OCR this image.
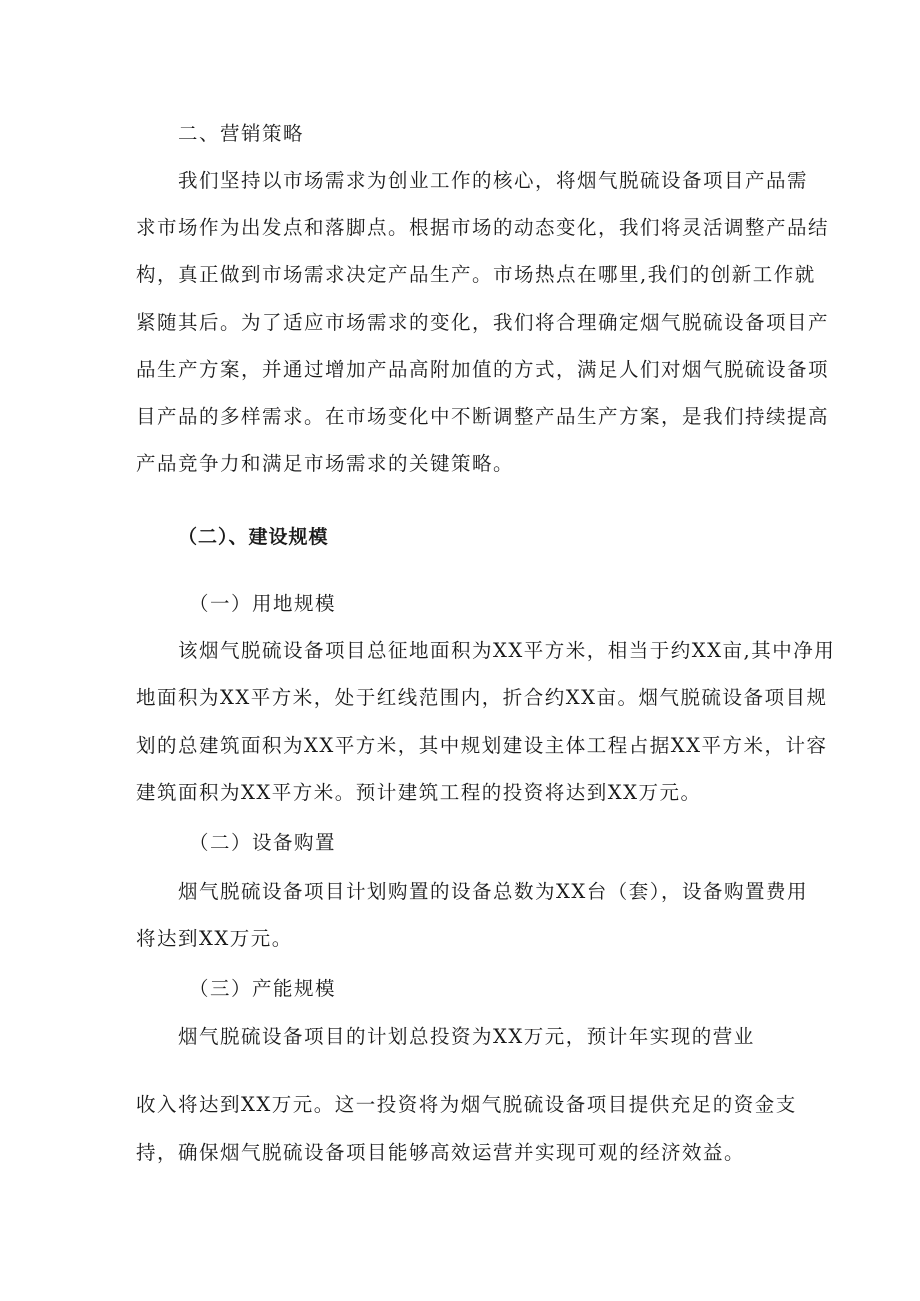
二、营销策略
我们坚持以市场需求为创业工作的核心，将烟气脱硫设备项目产品需
求市场作为出发点和落脚点。根据市场的动态变化，我们将灵活调整产品结
构，真正做到市场需求决定产品生产。市场热点在哪里,我们的创新工作就
紧随其后。为了适应市场需求的变化，我们将合理确定烟气脱硫设备项目产
品生产方案，并通过增加产品高附加值的方式，满足人们对烟气脱硫设备项
目产品的多样需求。在市场变化中不断调整产品生产方案，是我们持续提高
产品竞争力和满足市场需求的关键策略。
（二）、建设规模
（一）用地规模
该烟气脱硫设备项目总征地面积为XX平方米，相当于约XX亩,其中净用
地面积为XX平方米，处于红线范围内，折合约XX亩。烟气脱硫设备项目规
划的总建筑面积为XX平方米，其中规划建设主体工程占据XX平方米，计容
建筑面积为XX平方米。预计建筑工程的投资将达到XX万元。
（二）设备购置
烟气脱硫设备项目计划购置的设备总数为XX台（套），设备购置费用
将达到XX万元。
（三）产能规模
烟气脱硫设备项目的计划总投资为XX万元，预计年实现的营业
收入将达到XX万元。这一投资将为烟气脱硫设备项目提供充足的资金支
持，确保烟气脱硫设备项目能够高效运营并实现可观的经济效益。
